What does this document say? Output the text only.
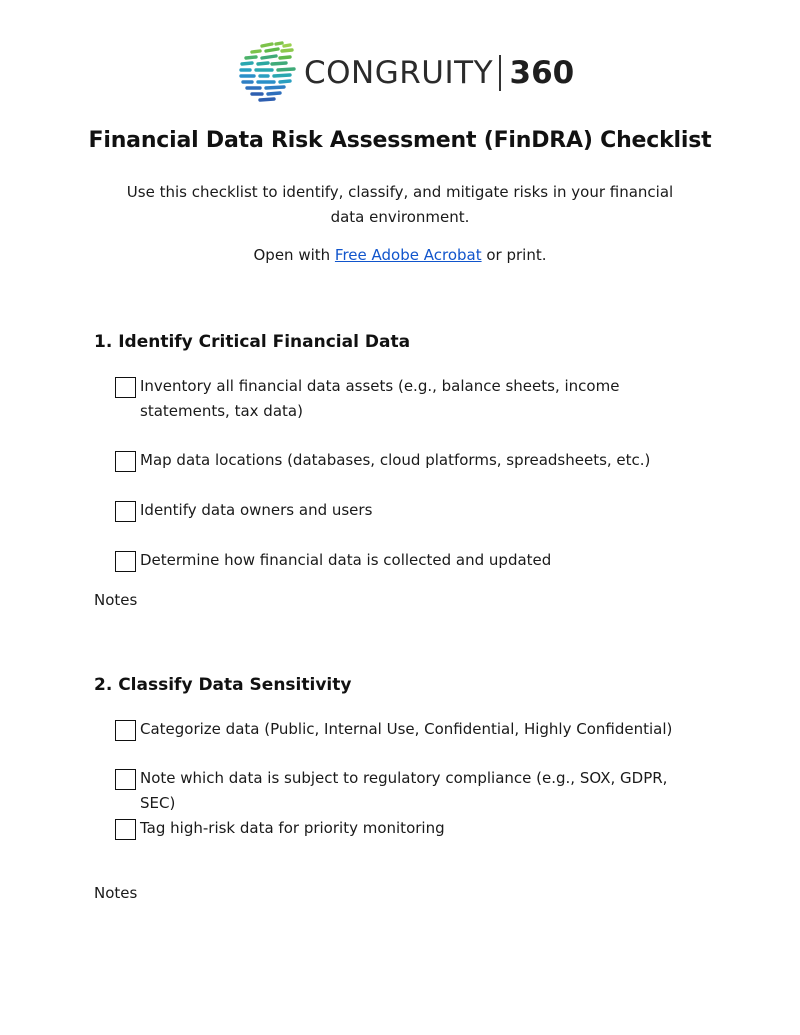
CONGRUITY 360
Financial Data Risk Assessment (FinDRA) Checklist
Use this checklist to identify, classify, and mitigate risks in your financial data environment.
Open with Free Adobe Acrobat or print.
1. Identify Critical Financial Data
Inventory all financial data assets (e.g., balance sheets, income statements, tax data)
Map data locations (databases, cloud platforms, spreadsheets, etc.)
Identify data owners and users
Determine how financial data is collected and updated
Notes
2. Classify Data Sensitivity
Categorize data (Public, Internal Use, Confidential, Highly Confidential)
Note which data is subject to regulatory compliance (e.g., SOX, GDPR, SEC)
Tag high-risk data for priority monitoring
Notes
